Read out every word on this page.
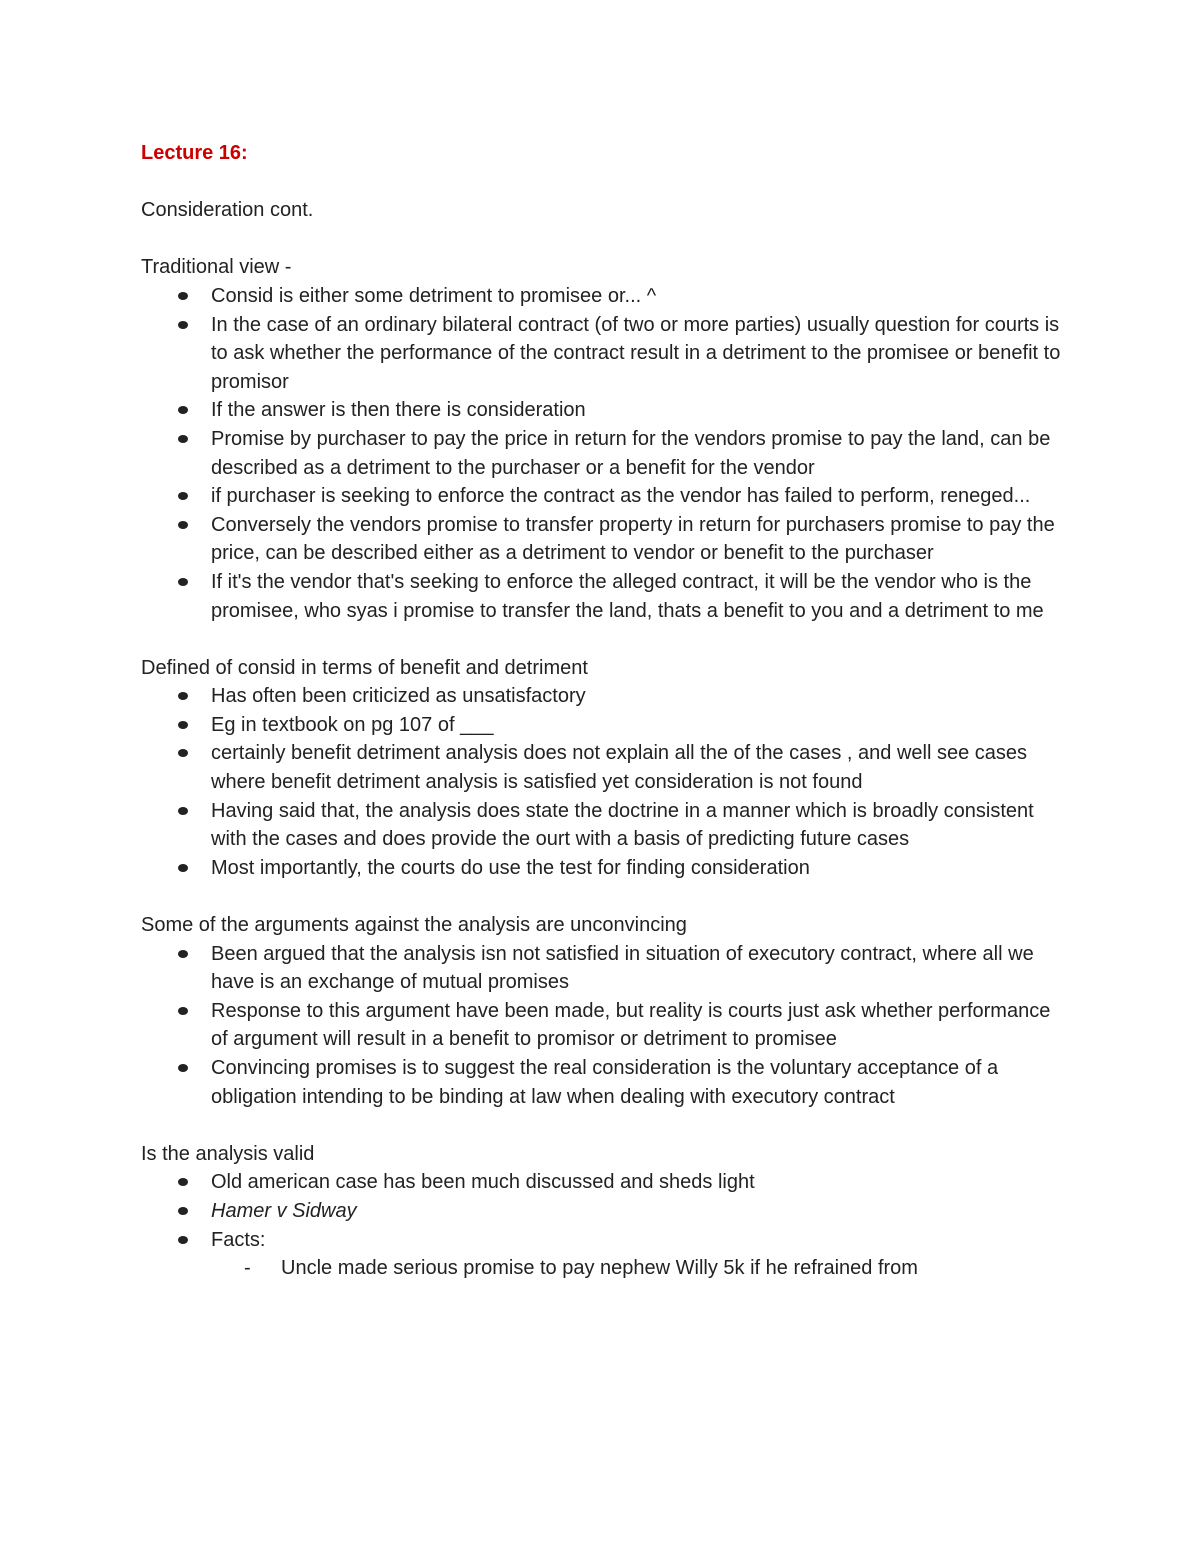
Lecture 16:

Consideration cont.

Traditional view -

Consid is either some detriment to promisee or... ^
In the case of an ordinary bilateral contract (of two or more parties) usually question for courts is to ask whether the performance of the contract result in a detriment to the promisee or benefit to promisor
If the answer is then there is consideration
Promise by purchaser to pay the price in return for the vendors promise to pay the land, can be described as a detriment to the purchaser or a benefit for the vendor
if purchaser is seeking to enforce the contract as the vendor has failed to perform, reneged...
Conversely the vendors promise to transfer property in return for purchasers promise to pay the price, can be described either as a detriment to vendor or benefit to the purchaser
If it's the vendor that's seeking to enforce the alleged contract, it will be the vendor who is the promisee, who syas i promise to transfer the land, thats a benefit to you and a detriment to me

Defined of consid in terms of benefit and detriment

Has often been criticized as unsatisfactory
Eg in textbook on pg 107 of ___
certainly benefit detriment analysis does not explain all the of the cases , and well see cases where benefit detriment analysis is satisfied yet consideration is not found
Having said that, the analysis does state the doctrine in a manner which is broadly consistent with the cases and does provide the ourt with a basis of predicting future cases
Most importantly, the courts do use the test for finding consideration

Some of the arguments against the analysis are unconvincing

Been argued that the analysis isn not satisfied in situation of executory contract, where all we have is an exchange of mutual promises
Response to this argument have been made, but reality is courts just ask whether performance of argument will result in a benefit to promisor or detriment to promisee
Convincing promises is to suggest the real consideration is the voluntary acceptance of a obligation intending to be binding at law when dealing with executory contract

Is the analysis valid

Old american case has been much discussed and sheds light
Hamer v Sidway
Facts:
- Uncle made serious promise to pay nephew Willy 5k if he refrained from
